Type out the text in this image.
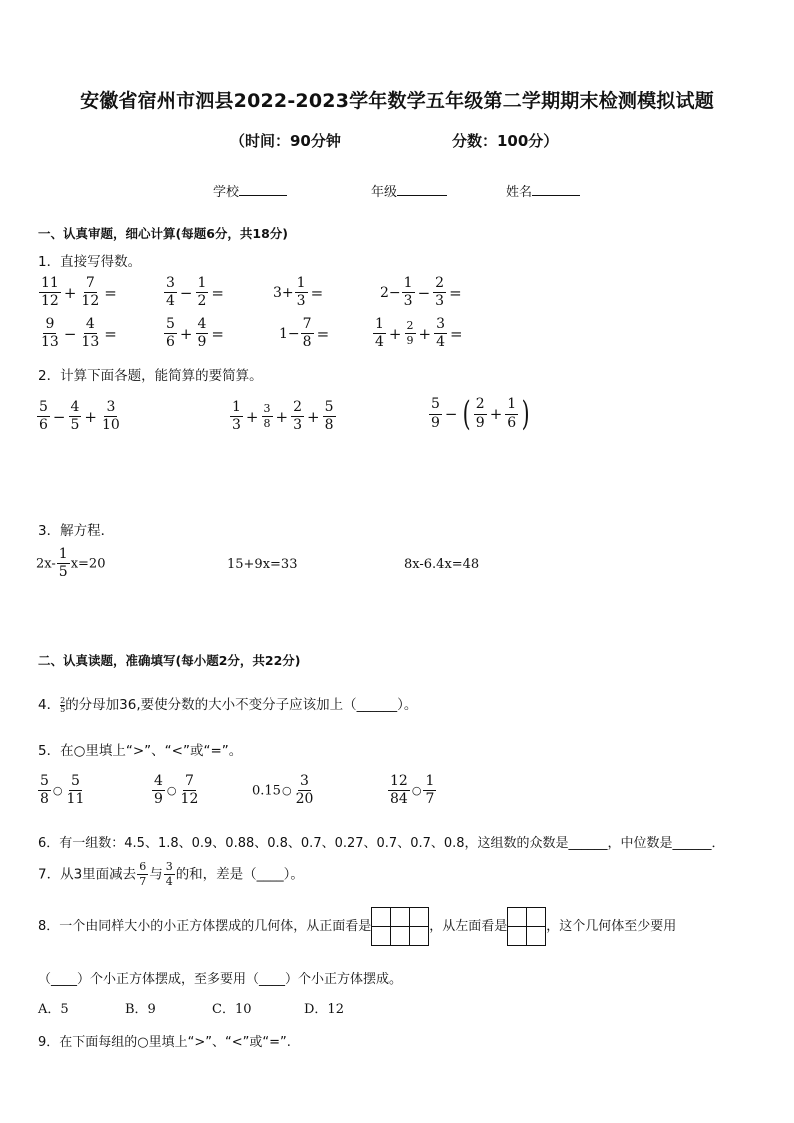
安徽省宿州市泗县2022-2023学年数学五年级第二学期期末检测模拟试题
（时间：90分钟	分数：100分）
学校	年级	姓名
一、认真审题，细心计算(每题6分，共18分)
1．直接写得数。
$\frac{11}{12} + \frac{7}{12}$ =	$\frac{3}{4} - \frac{1}{2}$ =	$3+ \frac{1}{3}$ =	$2- \frac{1}{3} - \frac{2}{3}$ =
$\frac{9}{13} - \frac{4}{13}$ =	$\frac{5}{6} + \frac{4}{9}$ =	$1- \frac{7}{8}$ =	$\frac{1}{4} + \frac{2}{9} + \frac{3}{4}$ =
2．计算下面各题，能简算的要简算。
$\frac{5}{6} - \frac{4}{5} + \frac{3}{10}$	$\frac{1}{3} + \frac{3}{8} + \frac{2}{3} + \frac{5}{8}$	$\frac{5}{9}$ − ( $\frac{2}{9} + \frac{1}{6}$ )
3．解方程．
$2x- \frac{1}{5} x=20$	15+9x=33	8x-6.4x=48
二、认真读题，准确填写(每小题2分，共22分)
4． $\frac{2}{5}$ 的分母加36,要使分数的大小不变分子应该加上（______）。
5．在○里填上“>”、“<”或“=”。
$\frac{5}{8}$ ○ $\frac{5}{11}$	$\frac{4}{9}$ ○ $\frac{7}{12}$	0.15○ $\frac{3}{20}$	$\frac{12}{84}$ ○ $\frac{1}{7}$
6．有一组数：4.5、1.8、0.9、0.88、0.8、0.7、0.27、0.7、0.7、0.8，这组数的众数是______，中位数是______．
7．从3里面减去 $\frac{6}{7}$ 与 $\frac{3}{4}$ 的和，差是（____）。
8．一个由同样大小的小正方体摆成的几何体，从正面看是		
			，从左面看是	
		，这个几何体至少要用
（____）个小正方体摆成，至多要用（____）个小正方体摆成。
A．5	B．9	C．10	D．12
9．在下面每组的○里填上“>”、“<”或“=”.
